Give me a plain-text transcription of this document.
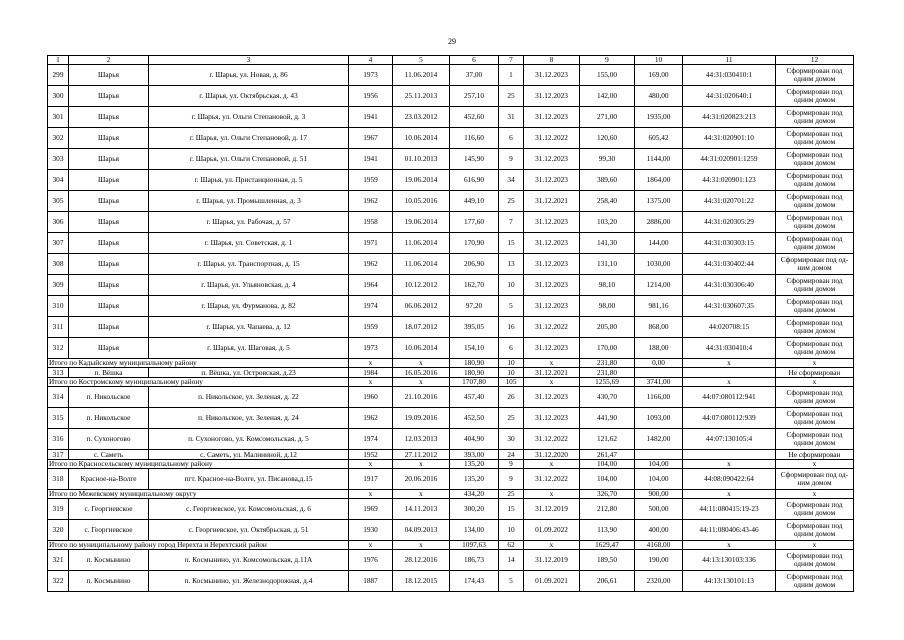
29
1	2	3	4	5	6	7	8	9	10	11	12
299	Шарья	г. Шарья, ул. Новая, д. 86	1973	11.06.2014	37,00	1	31.12.2023	155,00	169,00	44:31:030410:1	Сформирован под одним домом
300	Шарья	г. Шарья, ул. Октябрьская, д. 43	1956	25.11.2013	257,10	25	31.12.2023	142,00	480,00	44:31:020640:1	Сформирован под одним домом
301	Шарья	г. Шарья, ул. Ольги Степановой, д. 3	1941	23.03.2012	452,60	31	31.12.2023	271,00	1935,00	44:31:020823:213	Сформирован под одним домом
302	Шарья	г. Шарья, ул. Ольги Степановой, д. 17	1967	10.06.2014	116,60	6	31.12.2022	120,60	605,42	44:31:020901:10	Сформирован под одним домом
303	Шарья	г. Шарья, ул. Ольги Степановой, д. 51	1941	01.10.2013	145,90	9	31.12.2023	99,30	1144,00	44:31:020901:1259	Сформирован под одним домом
304	Шарья	г. Шарья, ул. Пристанционная, д. 5	1959	19.06.2014	616,90	34	31.12.2023	389,60	1864,00	44:31:020901:123	Сформирован под одним домом
305	Шарья	г. Шарья, ул. Промышленная, д. 3	1962	10.05.2016	449,10	25	31.12.2021	258,40	1375,00	44:31:020701:22	Сформирован под одним домом
306	Шарья	г. Шарья, ул. Рабочая, д. 57	1958	19.06.2014	177,60	7	31.12.2023	103,20	2886,00	44:31:020305:29	Сформирован под одним домом
307	Шарья	г. Шарья, ул. Советская, д. 1	1971	11.06.2014	170,90	15	31.12.2023	141,30	144,00	44:31:030303:15	Сформирован под одним домом
308	Шарья	г. Шарья, ул. Транспортная, д. 15	1962	11.06.2014	206,90	13	31.12.2023	131,10	1030,00	44:31:030402:44	Сформирован под од-ним домом
309	Шарья	г. Шарья, ул. Ульяновская, д. 4	1964	10.12.2012	162,70	10	31.12.2023	98,10	1214,00	44:31:030306:40	Сформирован под одним домом
310	Шарья	г. Шарья, ул. Фурманова, д. 82	1974	06.06.2012	97,20	5	31.12.2023	98,00	981,16	44:31:030607:35	Сформирован под одним домом
311	Шарья	г. Шарья, ул. Чапаева, д. 12	1959	18.07.2012	395,05	16	31.12.2022	205,80	868,00	44:020708:15	Сформирован под одним домом
312	Шарья	г. Шарья, ул. Шаговая, д. 5	1973	10.06.2014	154,10	6	31.12.2023	170,00	188,00	44:31:030410:4	Сформирован под одним домом
Итого по Кадыйскому муниципальному району			х	х	180,90	10	х	231,80	0,00	х	х
313	п. Вёшка	п. Вёшка, ул. Островская, д.23	1984	16.05.2016	180,90	10	31.12.2021	231,80			Не сформирован
Итого по Костромскому муниципальному району			х	х	1707,80	105	х	1255,69	3741,00	х	х
314	п. Никольское	п. Никольское, ул. Зеленая, д. 22	1960	21.10.2016	457,40	26	31.12.2023	430,70	1166,00	44:07:080112:941	Сформирован под одним домом
315	п. Никольское	п. Никольское, ул. Зеленая, д. 24	1962	19.09.2016	452,50	25	31.12.2023	441,90	1093,00	44:07:080112:939	Сформирован под одним домом
316	п. Сухоногово	п. Сухоногово, ул. Комсомольская, д. 5	1974	12.03.2013	404,90	30	31.12.2022	121,62	1482,00	44:07:130105:4	Сформирован под одним домом
317	с. Саметь	с. Саметь, ул. Малининой, д.12	1952	27.11.2012	393,00	24	31.12.2020	261,47			Не сформирован
Итого по Красносельскому муниципальному району			х	х	135,20	9	х	104,00	104,00	х	х
318	Красное-на-Волге	пгт. Красное-на-Волге, ул. Писанова,д.15	1917	20.06.2016	135,20	9	31.12.2022	104,00	104,00	44:08:090422:64	Сформирован под од-ним домом
Итого по Межевскому муниципальному округу			х	х	434,20	25	х	326,70	900,00	х	х
319	с. Георгиевское	с. Георгиевское, ул. Комсомольская, д. 6	1969	14.11.2013	300,20	15	31.12.2019	212,80	500,00	44:11:080415:19-23	Сформирован под одним домом
320	с. Георгиевское	с. Георгиевское, ул. Октябрьская, д. 51	1930	04.09.2013	134,00	10	01.09.2022	113,90	400,00	44:11:080406:43-46	Сформирован под одним домом
Итого по муниципальному району город Нерехта и Нерехтский район			х	х	1097,63	62	х	1629,47	4168,00	х	х
321	п. Космынино	п. Космынино, ул. Комсомольская, д.11А	1976	28.12.2016	186,73	14	31.12.2019	189,50	190,00	44:13:130103:336	Сформирован под одним домом
322	п. Космынино	п. Космынино, ул. Железнодорожная, д.4	1887	18.12.2015	174,43	5	01.09.2021	206,61	2320,00	44:13:130101:13	Сформирован под одним домом
